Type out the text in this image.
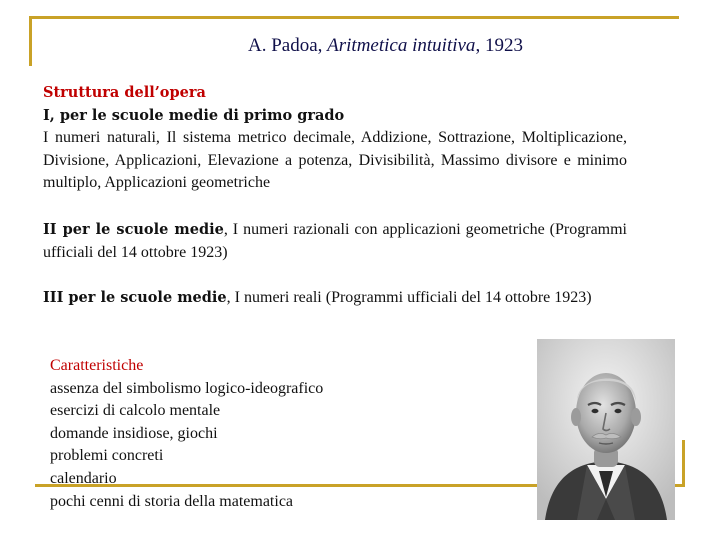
A. Padoa, Aritmetica intuitiva, 1923

Struttura dell’opera

I, per le scuole medie di primo grado

I numeri naturali, Il sistema metrico decimale, Addizione, Sottrazione, Moltiplicazione, Divisione, Applicazioni, Elevazione a potenza, Divisibilità, Massimo divisore e minimo multiplo, Applicazioni geometriche

II per le scuole medie, I numeri razionali con applicazioni geometriche (Programmi ufficiali del 14 ottobre 1923)

III per le scuole medie, I numeri reali (Programmi ufficiali del 14 ottobre 1923)

Caratteristiche

assenza del simbolismo logico-ideografico

esercizi di calcolo mentale

domande insidiose, giochi

problemi concreti

calendario

pochi cenni di storia della matematica
